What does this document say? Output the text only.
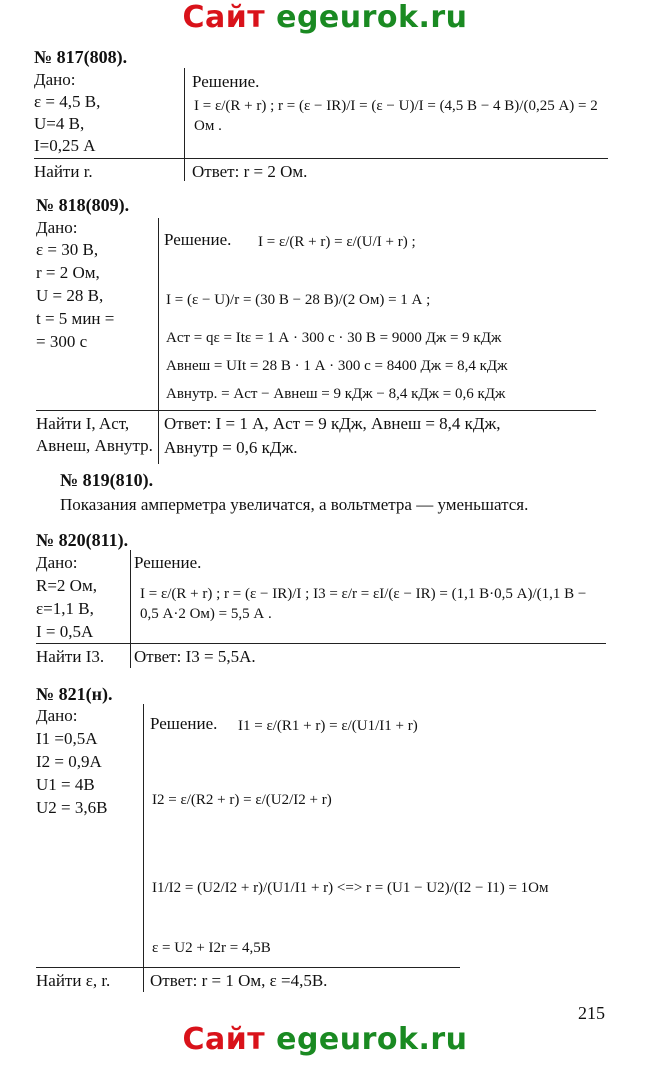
Сайт egeurok.ru
№ 817(808).
Дано:
ε = 4,5 В,
U=4 В,
I=0,25 А
Найти r.
Решение.
I = ε/(R + r) ; r = (ε − IR)/I = (ε − U)/I = (4,5 В − 4 В)/(0,25 А) = 2 Ом .
Ответ: r = 2 Ом.
№ 818(809).
Дано:
ε = 30 В,
r = 2 Ом,
U = 28 В,
t = 5 мин =
= 300 с
Найти I, Aст,
Aвнеш, Aвнутр.
Решение. I = ε/(R + r) = ε/(U/I + r) ;
I = (ε − U)/r = (30 В − 28 В)/(2 Ом) = 1 А ;
Aст = qε = Itε = 1 А · 300 с · 30 В = 9000 Дж = 9 кДж
Aвнеш = UIt = 28 В · 1 А · 300 с = 8400 Дж = 8,4 кДж
Aвнутр. = Aст − Aвнеш = 9 кДж − 8,4 кДж = 0,6 кДж
Ответ: I = 1 А, Aст = 9 кДж, Aвнеш = 8,4 кДж,
Aвнутр = 0,6 кДж.
№ 819(810).
Показания амперметра увеличатся, а вольтметра — уменьшатся.
№ 820(811).
Дано:
R=2 Ом,
ε=1,1 В,
I = 0,5А
Найти I3.
Решение.
I = ε/(R + r) ; r = (ε − IR)/I ; I3 = ε/r = εI/(ε − IR) = (1,1 В·0,5 А)/(1,1 В − 0,5 А·2 Ом) = 5,5 А .
Ответ: I3 = 5,5А.
№ 821(н).
Дано:
I1 =0,5А
I2 = 0,9А
U1 = 4В
U2 = 3,6В
Найти ε, r.
Решение. I1 = ε/(R1 + r) = ε/(U1/I1 + r)
I2 = ε/(R2 + r) = ε/(U2/I2 + r)
I1/I2 = (U2/I2 + r)/(U1/I1 + r) <=> r = (U1 − U2)/(I2 − I1) = 1Ом
ε = U2 + I2r = 4,5В
Ответ: r = 1 Ом, ε =4,5В.
215
Сайт egeurok.ru
